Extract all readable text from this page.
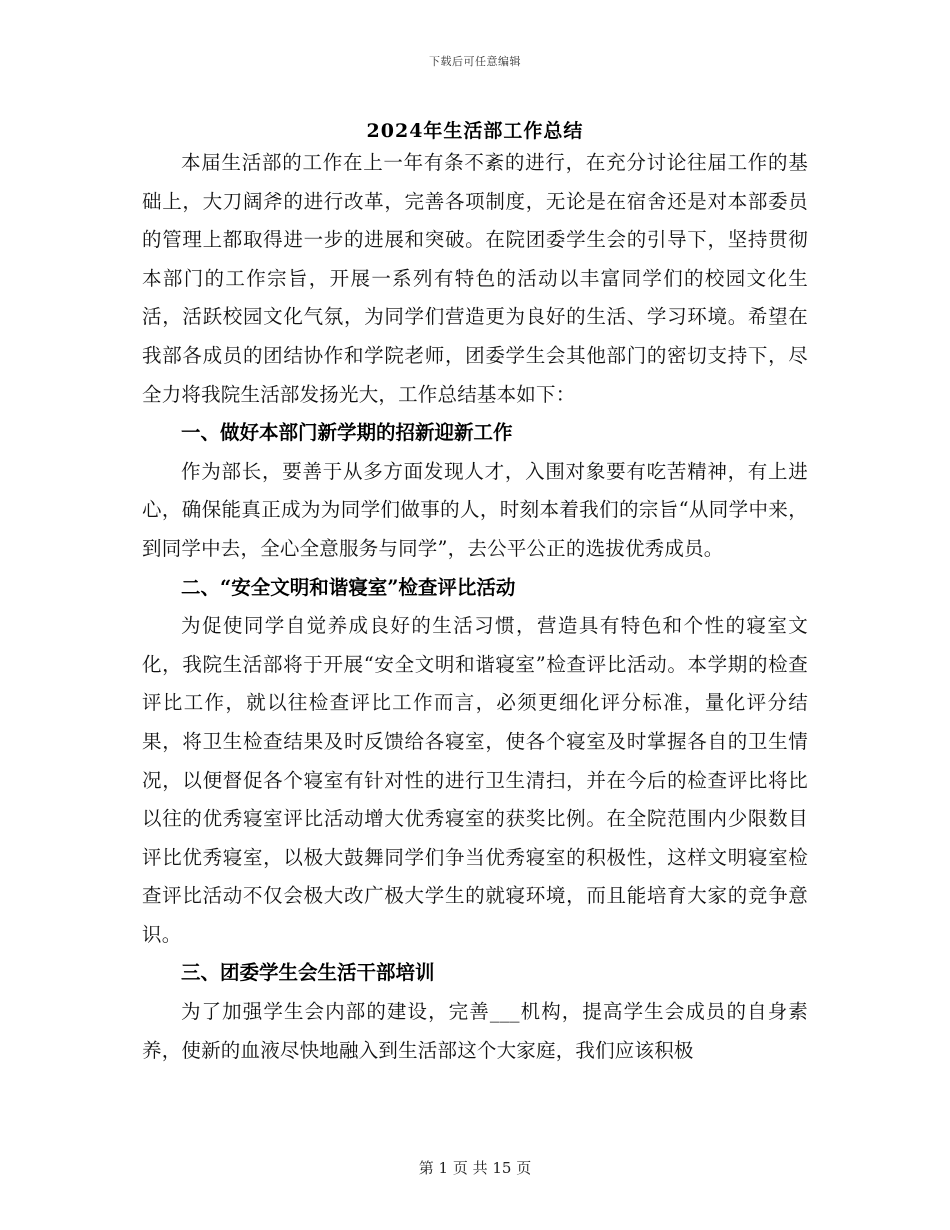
下载后可任意编辑
2024年生活部工作总结

本届生活部的工作在上一年有条不紊的进行，在充分讨论往届工作的基础上，大刀阔斧的进行改革，完善各项制度，无论是在宿舍还是对本部委员的管理上都取得进一步的进展和突破。在院团委学生会的引导下，坚持贯彻本部门的工作宗旨，开展一系列有特色的活动以丰富同学们的校园文化生活，活跃校园文化气氛，为同学们营造更为良好的生活、学习环境。希望在我部各成员的团结协作和学院老师，团委学生会其他部门的密切支持下，尽全力将我院生活部发扬光大，工作总结基本如下：

一、做好本部门新学期的招新迎新工作

作为部长，要善于从多方面发现人才，入围对象要有吃苦精神，有上进心，确保能真正成为为同学们做事的人，时刻本着我们的宗旨“从同学中来，到同学中去，全心全意服务与同学”，去公平公正的选拔优秀成员。

二、“安全文明和谐寝室”检查评比活动

为促使同学自觉养成良好的生活习惯，营造具有特色和个性的寝室文化，我院生活部将于开展“安全文明和谐寝室”检查评比活动。本学期的检查评比工作，就以往检查评比工作而言，必须更细化评分标准，量化评分结果，将卫生检查结果及时反馈给各寝室，使各个寝室及时掌握各自的卫生情况，以便督促各个寝室有针对性的进行卫生清扫，并在今后的检查评比将比以往的优秀寝室评比活动增大优秀寝室的获奖比例。在全院范围内少限数目评比优秀寝室，以极大鼓舞同学们争当优秀寝室的积极性，这样文明寝室检查评比活动不仅会极大改广极大学生的就寝环境，而且能培育大家的竞争意识。

三、团委学生会生活干部培训

为了加强学生会内部的建设，完善___机构，提高学生会成员的自身素养，使新的血液尽快地融入到生活部这个大家庭，我们应该积极

第 1 页 共 15 页
